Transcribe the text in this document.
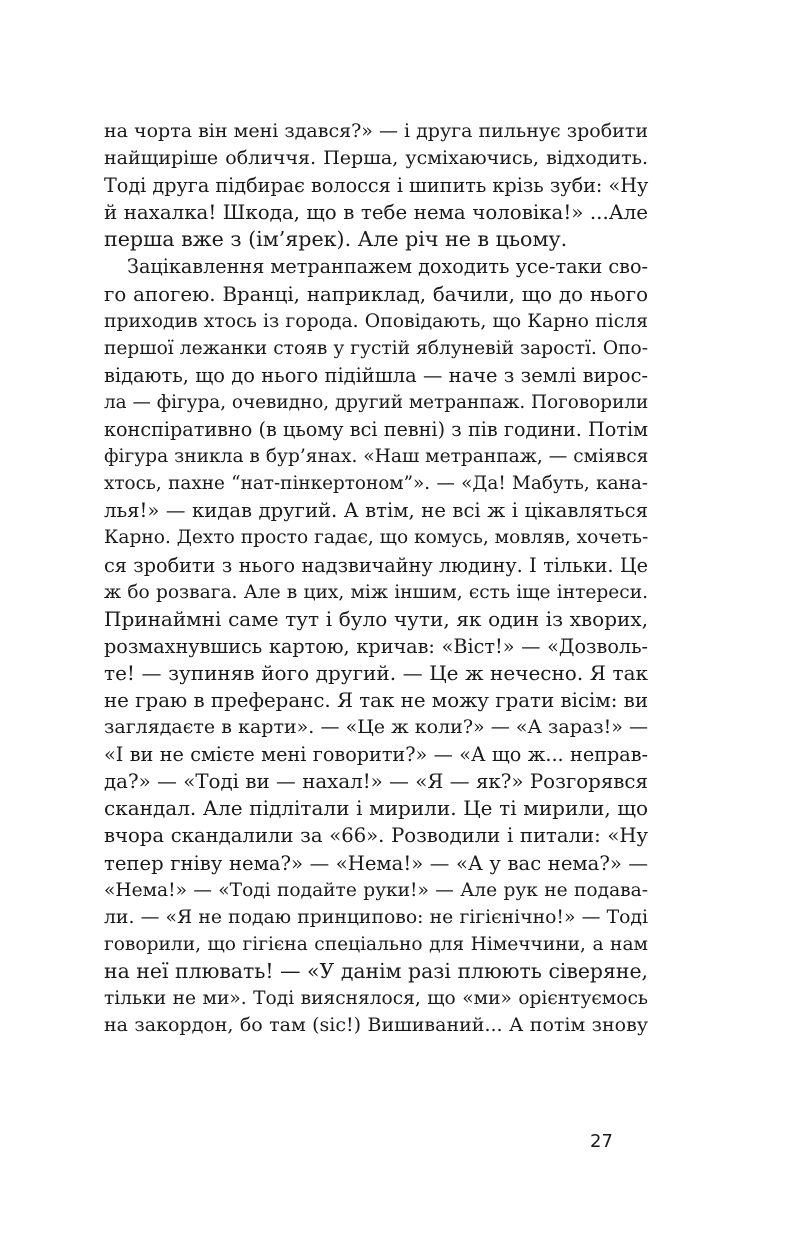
на чорта він мені здався?» — і друга пильнує зробити
найщиріше обличчя. Перша, усміхаючись, відходить.
Тоді друга підбирає волосся і шипить крізь зуби: «Ну
й нахалка! Шкода, що в тебе нема чоловіка!» ...Але
перша вже з (ім’ярек). Але річ не в цьому.
Зацікавлення метранпажем доходить усе-таки сво-
го апогею. Вранці, наприклад, бачили, що до нього
приходив хтось із города. Оповідають, що Карно після
першої лежанки стояв у густій яблуневій заростї. Опо-
відають, що до нього підійшла — наче з землі вирос-
ла — фігура, очевидно, другий метранпаж. Поговорили
конспіративно (в цьому всі певні) з пів години. Потім
фігура зникла в бур’янах. «Наш метранпаж, — сміявся
хтось, пахне “нат-пінкертоном”». — «Да! Мабуть, кана-
лья!» — кидав другий. А втім, не всі ж і цікавляться
Карно. Дехто просто гадає, що комусь, мовляв, хочеть-
ся зробити з нього надзвичайну людину. І тільки. Це
ж бо розвага. Але в цих, між іншим, єсть іще інтереси.
Принаймні саме тут і було чути, як один із хворих,
розмахнувшись картою, кричав: «Віст!» — «Дозволь-
те! — зупиняв його другий. — Це ж нечесно. Я так
не граю в преферанс. Я так не можу грати вісім: ви
заглядаєте в карти». — «Це ж коли?» — «А зараз!» —
«І ви не смієте мені говорити?» — «А що ж... неправ-
да?» — «Тоді ви — нахал!» — «Я — як?» Розгорявся
скандал. Але підлітали і мирили. Це ті мирили, що
вчора скандалили за «66». Розводили і питали: «Ну
тепер гніву нема?» — «Нема!» — «А у вас нема?» —
«Нема!» — «Тоді подайте руки!» — Але рук не подава-
ли. — «Я не подаю принципово: не гігієнічно!» — Тоді
говорили, що гігієна спеціально для Німеччини, а нам
на неї плювать! — «У данім разі плюють сіверяне,
тільки не ми». Тоді вияснялося, що «ми» орієнтуємось
на закордон, бо там (sic!) Вишиваний... А потім знову
27
